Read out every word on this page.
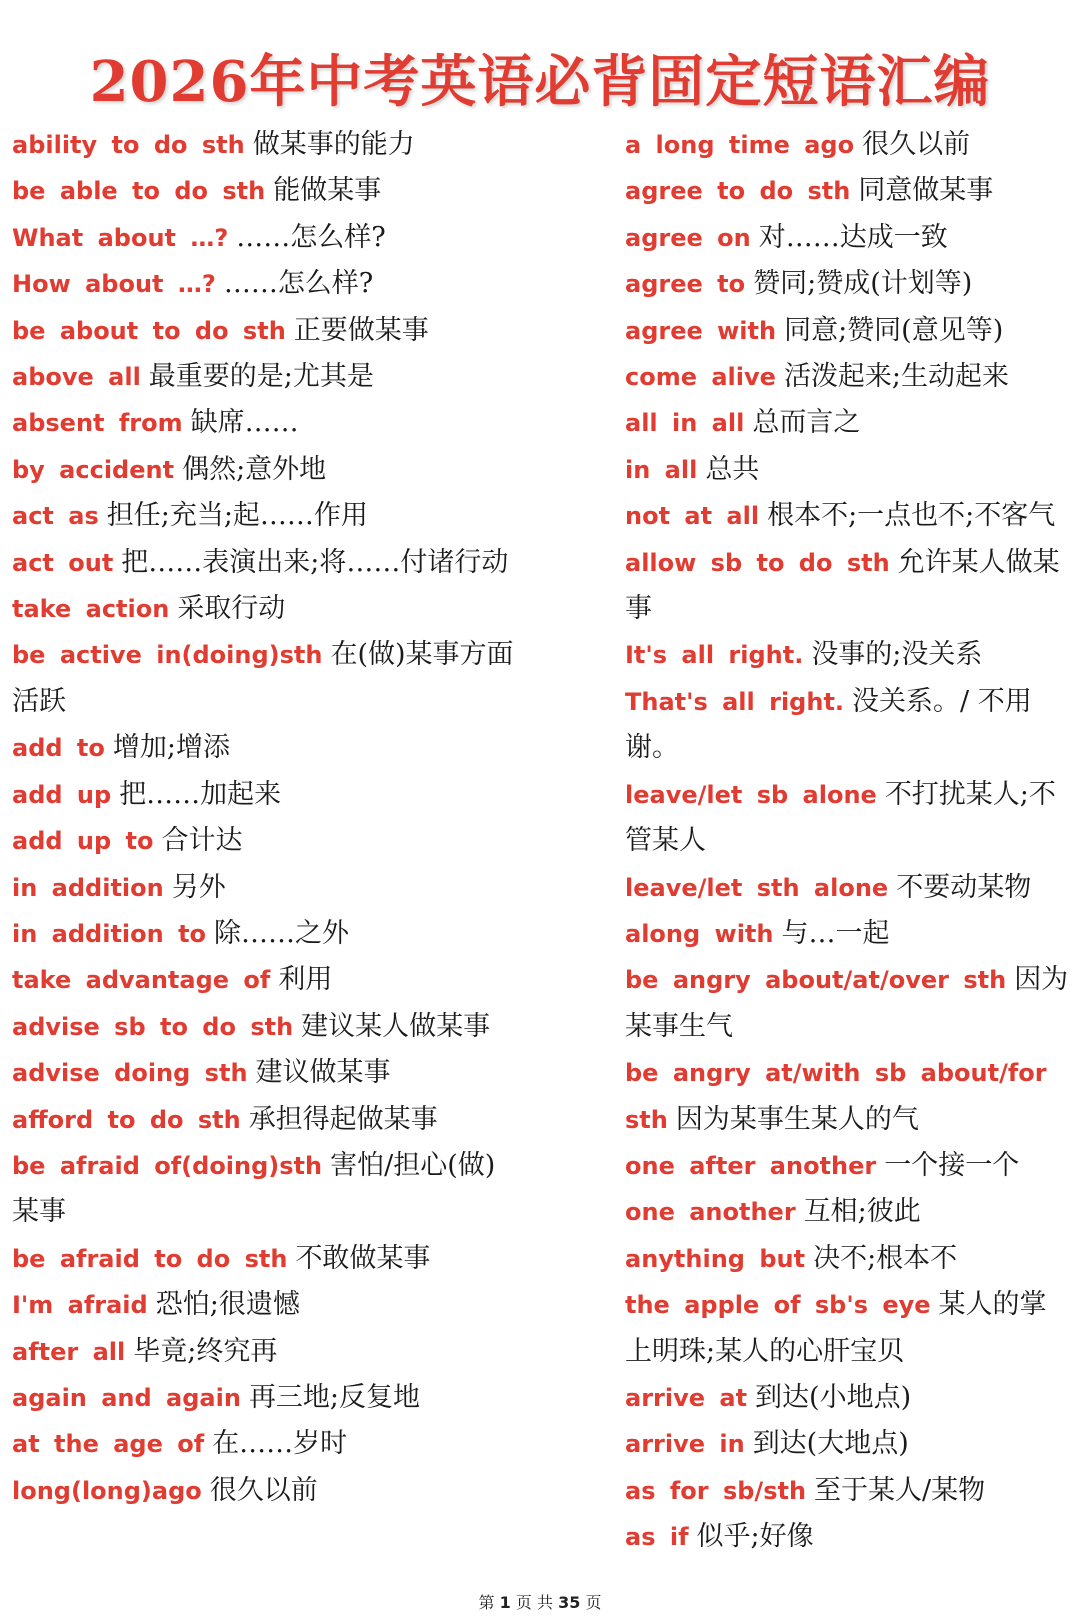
2026年中考英语必背固定短语汇编
ability to do sth 做某事的能力
be able to do sth 能做某事
What about …? ……怎么样?
How about …? ……怎么样?
be about to do sth 正要做某事
above all 最重要的是;尤其是
absent from 缺席……
by accident 偶然;意外地
act as 担任;充当;起……作用
act out 把……表演出来;将……付诸行动
take action 采取行动
be active in(doing)sth 在(做)某事方面活跃
add to 增加;增添
add up 把……加起来
add up to 合计达
in addition 另外
in addition to 除……之外
take advantage of 利用
advise sb to do sth 建议某人做某事
advise doing sth 建议做某事
afford to do sth 承担得起做某事
be afraid of(doing)sth 害怕/担心(做)某事
be afraid to do sth 不敢做某事
I'm afraid 恐怕;很遗憾
after all 毕竟;终究再
again and again 再三地;反复地
at the age of 在……岁时
long(long)ago 很久以前
a long time ago 很久以前
agree to do sth 同意做某事
agree on 对……达成一致
agree to 赞同;赞成(计划等)
agree with 同意;赞同(意见等)
come alive 活泼起来;生动起来
all in all 总而言之
in all 总共
not at all 根本不;一点也不;不客气
allow sb to do sth 允许某人做某事
It's all right. 没事的;没关系
That's all right. 没关系。/ 不用谢。
leave/let sb alone 不打扰某人;不管某人
leave/let sth alone 不要动某物
along with 与…一起
be angry about/at/over sth 因为某事生气
be angry at/with sb about/for sth 因为某事生某人的气
one after another 一个接一个
one another 互相;彼此
anything but 决不;根本不
the apple of sb's eye 某人的掌上明珠;某人的心肝宝贝
arrive at 到达(小地点)
arrive in 到达(大地点)
as for sb/sth 至于某人/某物
as if 似乎;好像
第 1 页 共 35 页
